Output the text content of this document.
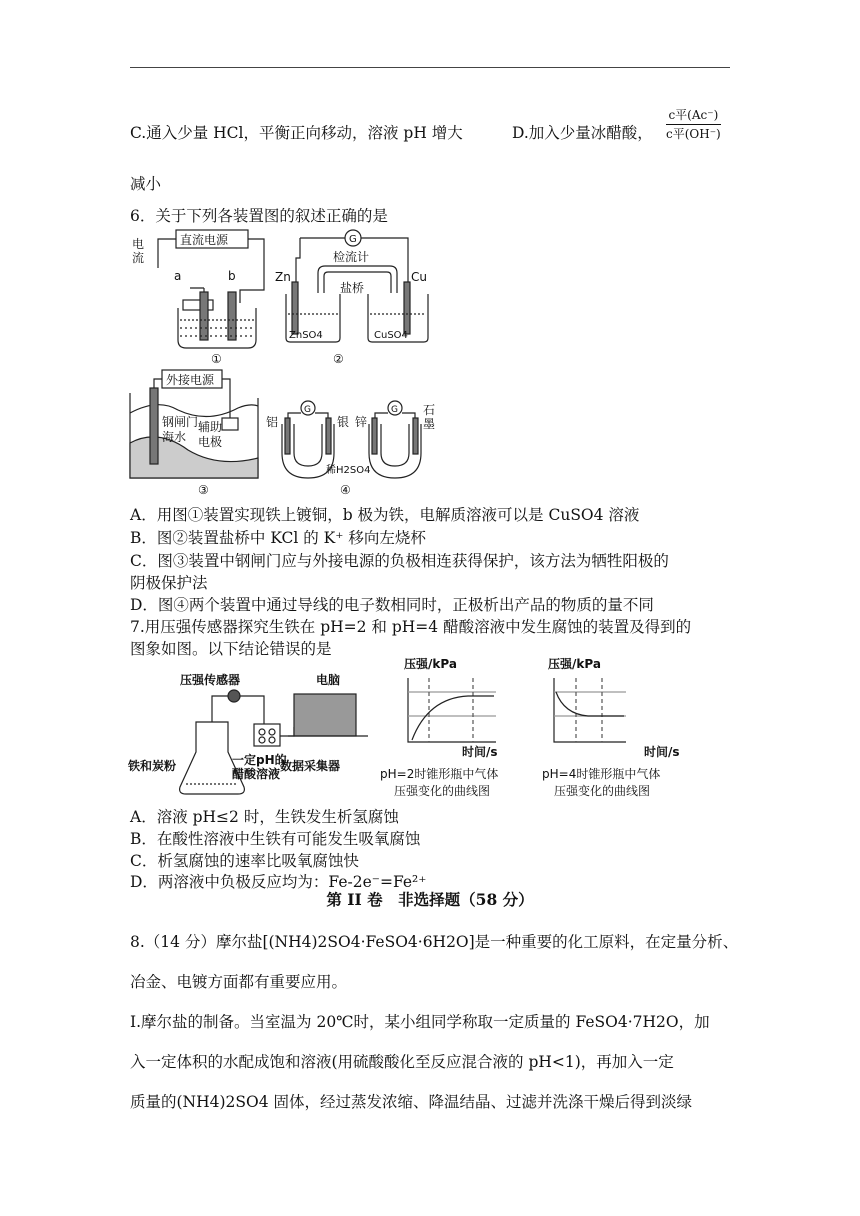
C.通入少量 HCl，平衡正向移动，溶液 pH 增大	D.加入少量冰醋酸，
c平(Ac⁻)
c平(OH⁻)
减小
6．关于下列各装置图的叙述正确的是
直流电源
电
流
a	b
①
G
检流计
Zn	Cu
盐桥
ZnSO4	CuSO4
②
外接电源
钢闸门
海水
辅助
电极
③
G	G
铝	银 锌
石
墨
稀H2SO4
④
A．用图①装置实现铁上镀铜，b 极为铁，电解质溶液可以是 CuSO4 溶液
B．图②装置盐桥中 KCl 的 K⁺ 移向左烧杯
C．图③装置中钢闸门应与外接电源的负极相连获得保护，该方法为牺牲阳极的
阴极保护法
D．图④两个装置中通过导线的电子数相同时，正极析出产品的物质的量不同
7.用压强传感器探究生铁在 pH=2 和 pH=4 醋酸溶液中发生腐蚀的装置及得到的
图象如图。以下结论错误的是
压强传感器	电脑
铁和炭粉	一定pH的
醋酸溶液
数据采集器
压强/kPa
时间/s
压强/kPa
时间/s
pH=2时锥形瓶中气体
压强变化的曲线图
pH=4时锥形瓶中气体
压强变化的曲线图
A．溶液 pH≤2 时，生铁发生析氢腐蚀
B．在酸性溶液中生铁有可能发生吸氧腐蚀
C．析氢腐蚀的速率比吸氧腐蚀快
D．两溶液中负极反应均为：Fe-2e⁻=Fe²⁺
第 II 卷　非选择题（58 分）
8.（14 分）摩尔盐[(NH4)2SO4·FeSO4·6H2O]是一种重要的化工原料，在定量分析、
冶金、电镀方面都有重要应用。
I.摩尔盐的制备。当室温为 20℃时，某小组同学称取一定质量的 FeSO4·7H2O，加
入一定体积的水配成饱和溶液(用硫酸酸化至反应混合液的 pH<1)，再加入一定
质量的(NH4)2SO4 固体，经过蒸发浓缩、降温结晶、过滤并洗涤干燥后得到淡绿
